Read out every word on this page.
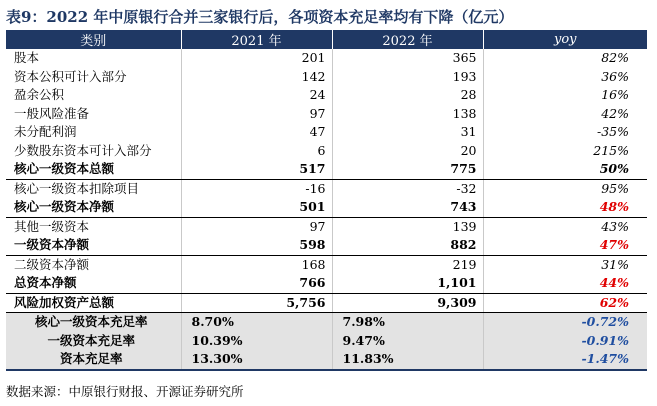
表9：2022 年中原银行合并三家银行后，各项资本充足率均有下降（亿元）
类别	2021 年	2022 年	yoy
股本	201	365	82%
资本公积可计入部分	142	193	36%
盈余公积	24	28	16%
一般风险准备	97	138	42%
未分配利润	47	31	-35%
少数股东资本可计入部分	6	20	215%
核心一级资本总额	517	775	50%
核心一级资本扣除项目	-16	-32	95%
核心一级资本净额	501	743	48%
其他一级资本	97	139	43%
一级资本净额	598	882	47%
二级资本净额	168	219	31%
总资本净额	766	1,101	44%
风险加权资产总额	5,756	9,309	62%
核心一级资本充足率	8.70%	7.98%	-0.72%
一级资本充足率	10.39%	9.47%	-0.91%
资本充足率	13.30%	11.83%	-1.47%
数据来源：中原银行财报、开源证券研究所
